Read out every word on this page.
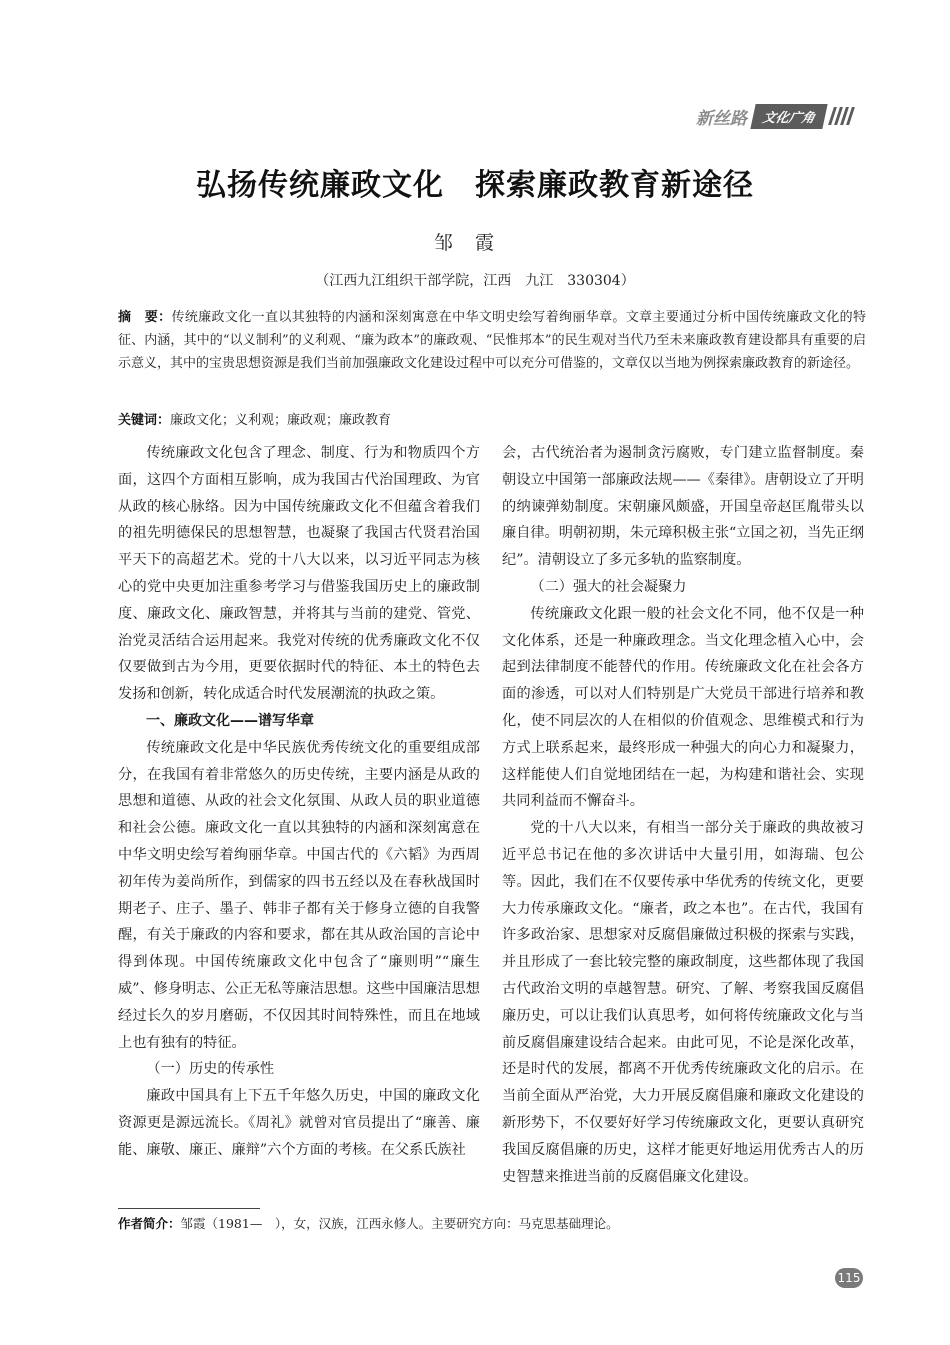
新丝路	文化广角
弘扬传统廉政文化　探索廉政教育新途径
邹霞
（江西九江组织干部学院，江西　九江　330304）
摘　要：传统廉政文化一直以其独特的内涵和深刻寓意在中华文明史绘写着绚丽华章。文章主要通过分析中国传统廉政文化的特征、内涵，其中的“以义制利”的义利观、“廉为政本”的廉政观、“民惟邦本”的民生观对当代乃至未来廉政教育建设都具有重要的启示意义，其中的宝贵思想资源是我们当前加强廉政文化建设过程中可以充分可借鉴的，文章仅以当地为例探索廉政教育的新途径。
关键词：廉政文化；义利观；廉政观；廉政教育

传统廉政文化包含了理念、制度、行为和物质四个方面，这四个方面相互影响，成为我国古代治国理政、为官从政的核心脉络。因为中国传统廉政文化不但蕴含着我们的祖先明德保民的思想智慧，也凝聚了我国古代贤君治国平天下的高超艺术。党的十八大以来，以习近平同志为核心的党中央更加注重参考学习与借鉴我国历史上的廉政制度、廉政文化、廉政智慧，并将其与当前的建党、管党、治党灵活结合运用起来。我党对传统的优秀廉政文化不仅仅要做到古为今用，更要依据时代的特征、本土的特色去发扬和创新，转化成适合时代发展潮流的执政之策。

一、廉政文化——谱写华章

传统廉政文化是中华民族优秀传统文化的重要组成部分，在我国有着非常悠久的历史传统，主要内涵是从政的思想和道德、从政的社会文化氛围、从政人员的职业道德和社会公德。廉政文化一直以其独特的内涵和深刻寓意在中华文明史绘写着绚丽华章。中国古代的《六韬》为西周初年传为姜尚所作，到儒家的四书五经以及在春秋战国时期老子、庄子、墨子、韩非子都有关于修身立德的自我警醒，有关于廉政的内容和要求，都在其从政治国的言论中得到体现。中国传统廉政文化中包含了“廉则明”“廉生威”、修身明志、公正无私等廉洁思想。这些中国廉洁思想经过长久的岁月磨砺，不仅因其时间特殊性，而且在地域上也有独有的特征。

（一）历史的传承性

廉政中国具有上下五千年悠久历史，中国的廉政文化资源更是源远流长。《周礼》就曾对官员提出了“廉善、廉能、廉敬、廉正、廉辩”六个方面的考核。在父系氏族社

会，古代统治者为遏制贪污腐败，专门建立监督制度。秦朝设立中国第一部廉政法规——《秦律》。唐朝设立了开明的纳谏弹劾制度。宋朝廉风颇盛，开国皇帝赵匡胤带头以廉自律。明朝初期，朱元璋积极主张“立国之初，当先正纲纪”。清朝设立了多元多轨的监察制度。

（二）强大的社会凝聚力

传统廉政文化跟一般的社会文化不同，他不仅是一种文化体系，还是一种廉政理念。当文化理念植入心中，会起到法律制度不能替代的作用。传统廉政文化在社会各方面的渗透，可以对人们特别是广大党员干部进行培养和教化，使不同层次的人在相似的价值观念、思维模式和行为方式上联系起来，最终形成一种强大的向心力和凝聚力，这样能使人们自觉地团结在一起，为构建和谐社会、实现共同利益而不懈奋斗。

党的十八大以来，有相当一部分关于廉政的典故被习近平总书记在他的多次讲话中大量引用，如海瑞、包公等。因此，我们在不仅要传承中华优秀的传统文化，更要大力传承廉政文化。“廉者，政之本也”。在古代，我国有许多政治家、思想家对反腐倡廉做过积极的探索与实践，并且形成了一套比较完整的廉政制度，这些都体现了我国古代政治文明的卓越智慧。研究、了解、考察我国反腐倡廉历史，可以让我们认真思考，如何将传统廉政文化与当前反腐倡廉建设结合起来。由此可见，不论是深化改革，还是时代的发展，都离不开优秀传统廉政文化的启示。在当前全面从严治党，大力开展反腐倡廉和廉政文化建设的新形势下，不仅要好好学习传统廉政文化，更要认真研究我国反腐倡廉的历史，这样才能更好地运用优秀古人的历史智慧来推进当前的反腐倡廉文化建设。

作者简介：邹霞（1981—　），女，汉族，江西永修人。主要研究方向：马克思基础理论。
115
